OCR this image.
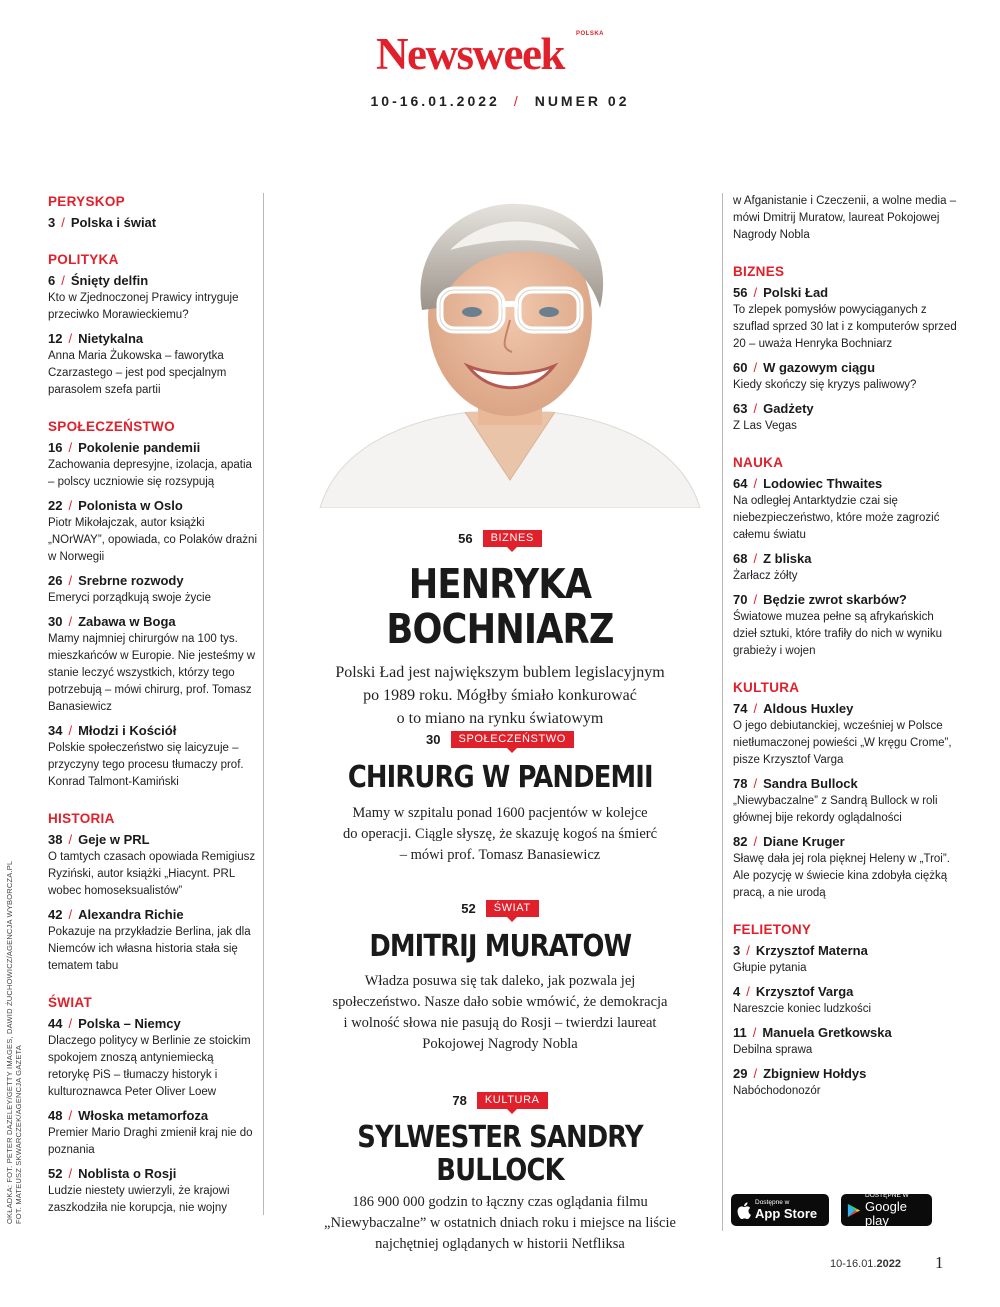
Newsweek	POLSKA
10-16.01.2022 / NUMER 02
OKŁADKA: FOT. PETER DAZELEY/GETTY IMAGES, DAWID ŻUCHOWICZ/AGENCJA WYBORCZA.PL FOT. MATEUSZ SKWARCZEK/AGENCJA GAZETA
PERYSKOP
3 / Polska i świat
POLITYKA
6 / Śnięty delfin
Kto w Zjednoczonej Prawicy intryguje przeciwko Morawieckiemu?
12 / Nietykalna
Anna Maria Żukowska – faworytka Czarzastego – jest pod specjalnym parasolem szefa partii
SPOŁECZEŃSTWO
16 / Pokolenie pandemii
Zachowania depresyjne, izolacja, apatia – polscy uczniowie się rozsypują
22 / Polonista w Oslo
Piotr Mikołajczak, autor książki „NOrWAY”, opowiada, co Polaków drażni w Norwegii
26 / Srebrne rozwody
Emeryci porządkują swoje życie
30 / Zabawa w Boga
Mamy najmniej chirurgów na 100 tys. mieszkańców w Europie. Nie jesteśmy w stanie leczyć wszystkich, którzy tego potrzebują – mówi chirurg, prof. Tomasz Banasiewicz
34 / Młodzi i Kościół
Polskie społeczeństwo się laicyzuje – przyczyny tego procesu tłumaczy prof. Konrad Talmont-Kamiński
HISTORIA
38 / Geje w PRL
O tamtych czasach opowiada Remigiusz Ryziński, autor książki „Hiacynt. PRL wobec homoseksualistów”
42 / Alexandra Richie
Pokazuje na przykładzie Berlina, jak dla Niemców ich własna historia stała się tematem tabu
ŚWIAT
44 / Polska – Niemcy
Dlaczego politycy w Berlinie ze stoickim spokojem znoszą antyniemiecką retorykę PiS – tłumaczy historyk i kulturoznawca Peter Oliver Loew
48 / Włoska metamorfoza
Premier Mario Draghi zmienił kraj nie do poznania
52 / Noblista o Rosji
Ludzie niestety uwierzyli, że krajowi zaszkodziła nie korupcja, nie wojny
56	BIZNES
HENRYKA BOCHNIARZ
Polski Ład jest największym bublem legislacyjnym
po 1989 roku. Mógłby śmiało konkurować
o to miano na rynku światowym
30	SPOŁECZEŃSTWO
CHIRURG W PANDEMII
Mamy w szpitalu ponad 1600 pacjentów w kolejce
do operacji. Ciągle słyszę, że skazuję kogoś na śmierć
– mówi prof. Tomasz Banasiewicz
52	ŚWIAT
DMITRIJ MURATOW
Władza posuwa się tak daleko, jak pozwala jej
społeczeństwo. Nasze dało sobie wmówić, że demokracja
i wolność słowa nie pasują do Rosji – twierdzi laureat
Pokojowej Nagrody Nobla
78	KULTURA
SYLWESTER SANDRY BULLOCK
186 900 000 godzin to łączny czas oglądania filmu
„Niewybaczalne” w ostatnich dniach roku i miejsce na liście
najchętniej oglądanych w historii Netfliksa
w Afganistanie i Czeczenii, a wolne media – mówi Dmitrij Muratow, laureat Pokojowej Nagrody Nobla
BIZNES
56 / Polski Ład
To zlepek pomysłów powyciąganych z szuflad sprzed 30 lat i z komputerów sprzed 20 – uważa Henryka Bochniarz
60 / W gazowym ciągu
Kiedy skończy się kryzys paliwowy?
63 / Gadżety
Z Las Vegas
NAUKA
64 / Lodowiec Thwaites
Na odległej Antarktydzie czai się niebezpieczeństwo, które może zagrozić całemu światu
68 / Z bliska
Żarłacz żółty
70 / Będzie zwrot skarbów?
Światowe muzea pełne są afrykańskich dzieł sztuki, które trafiły do nich w wyniku grabieży i wojen
KULTURA
74 / Aldous Huxley
O jego debiutanckiej, wcześniej w Polsce nietłumaczonej powieści „W kręgu Crome”, pisze Krzysztof Varga
78 / Sandra Bullock
„Niewybaczalne” z Sandrą Bullock w roli głównej bije rekordy oglądalności
82 / Diane Kruger
Sławę dała jej rola pięknej Heleny w „Troi”. Ale pozycję w świecie kina zdobyła ciężką pracą, a nie urodą
FELIETONY
3 / Krzysztof Materna
Głupie pytania
4 / Krzysztof Varga
Nareszcie koniec ludzkości
11 / Manuela Gretkowska
Debilna sprawa
29 / Zbigniew Hołdys
Nabóchodonozór
Dostępne w
App Store
DOSTĘPNE W
Google play
10-16.01.2022 1
